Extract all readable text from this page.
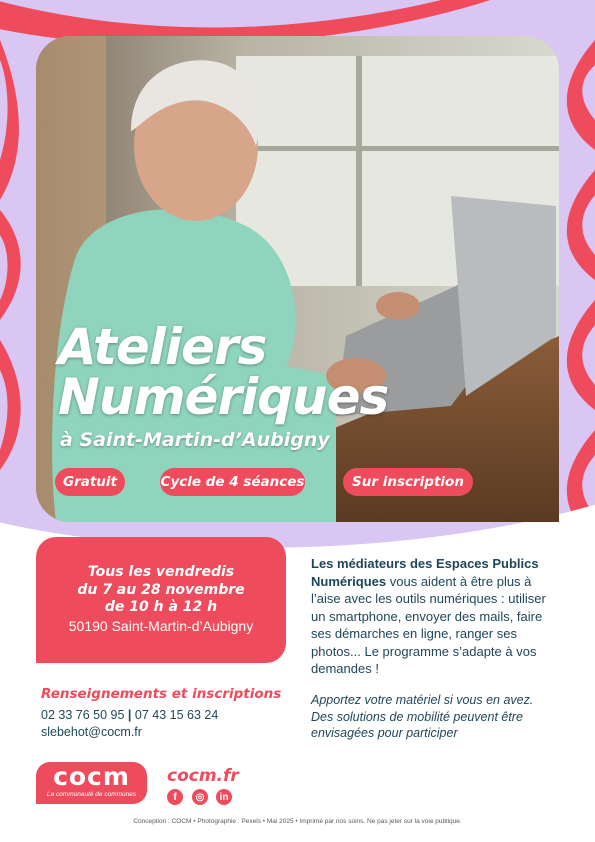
Ateliers
Numériques
à Saint-Martin-d’Aubigny
Gratuit	Cycle de 4 séances	Sur inscription
Tous les vendredis
du 7 au 28 novembre
de 10 h à 12 h
50190 Saint-Martin-d’Aubigny
Les médiateurs des Espaces Publics Numériques vous aident à être plus à l’aise avec les outils numériques : utiliser un smartphone, envoyer des mails, faire ses démarches en ligne, ranger ses photos... Le programme s’adapte à vos demandes !
Apportez votre matériel si vous en avez. Des solutions de mobilité peuvent être envisagées pour participer
Renseignements et inscriptions
02 33 76 50 95 | 07 43 15 63 24
slebehot@cocm.fr
cocm
La communauté de communes
cocm.fr
f	◎	in
Conception : COCM • Photographie : Pexels • Mai 2025 • Imprimé par nos soins. Ne pas jeter sur la voie publique.
